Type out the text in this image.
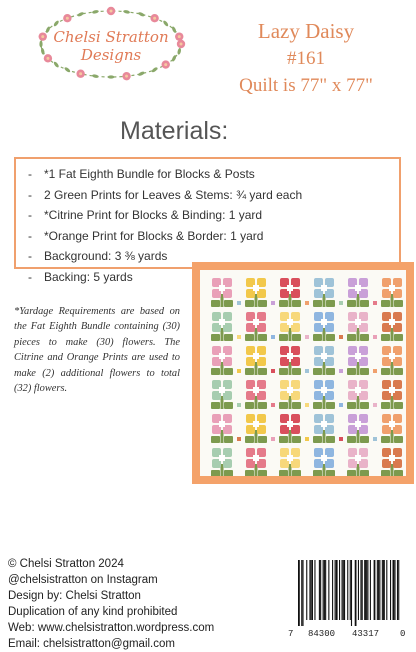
Chelsi Stratton
Designs
Lazy Daisy
#161
Quilt is 77" x 77"
Materials:
- *1 Fat Eighth Bundle for Blocks & Posts
- 2 Green Prints for Leaves & Stems: ¾ yard each
- *Citrine Print for Blocks & Binding: 1 yard
- *Orange Print for Blocks & Border: 1 yard
- Background: 3 ⅜ yards
- Backing: 5 yards
*Yardage Requirements are based on the Fat Eighth Bundle containing (30) pieces to make (30) flowers. The Citrine and Orange Prints are used to make (2) additional flowers to total (32) flowers.
© Chelsi Stratton 2024
@chelsistratton on Instagram
Design by: Chelsi Stratton
Duplication of any kind prohibited
Web: www.chelsistratton.wordpress.com
Email: chelsistratton@gmail.com
7 84300 43317 0
